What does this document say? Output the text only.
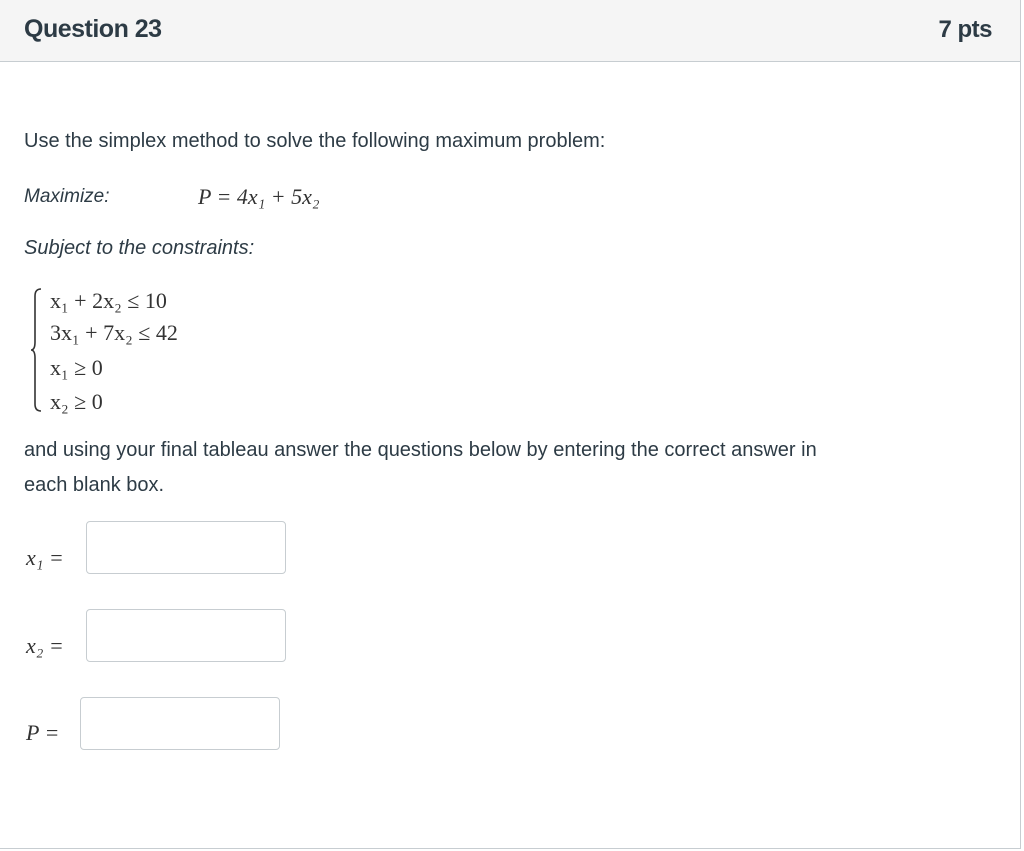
Question 23	7 pts
Use the simplex method to solve the following maximum problem:
Maximize:	P = 4x₁ + 5x₂
Subject to the constraints:
x₁ + 2x₂ ≤ 10
3x₁ + 7x₂ ≤ 42
x₁ ≥ 0
x₂ ≥ 0
and using your final tableau answer the questions below by entering the correct answer in
each blank box.
x₁ =
x₂ =
P =
